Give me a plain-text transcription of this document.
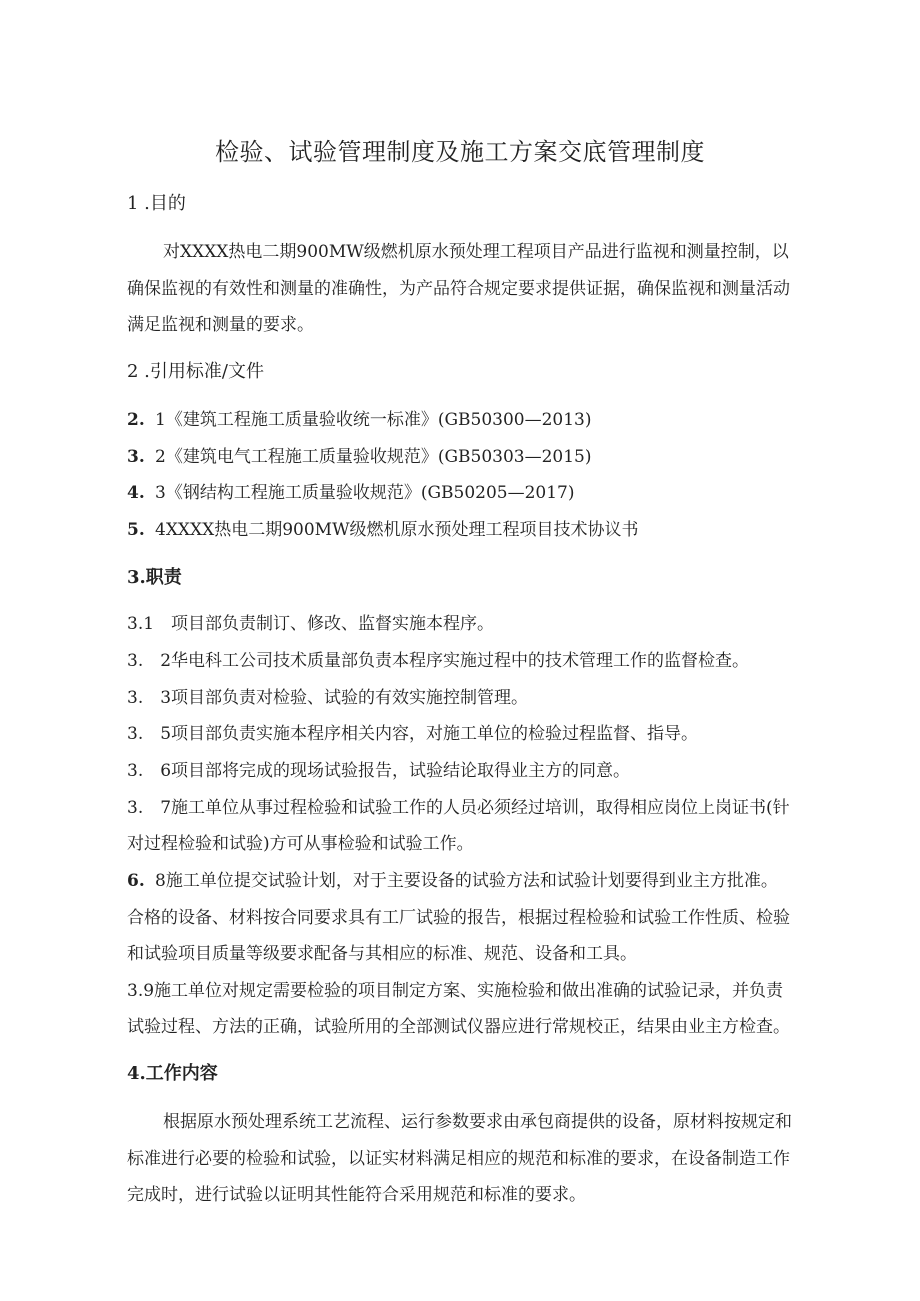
检验、试验管理制度及施工方案交底管理制度
1 .目的
对XXXX热电二期900MW级燃机原水预处理工程项目产品进行监视和测量控制，以
确保监视的有效性和测量的准确性，为产品符合规定要求提供证据，确保监视和测量活动
满足监视和测量的要求。
2 .引用标准/文件
2. 1《建筑工程施工质量验收统一标准》(GB50300—2013)
3. 2《建筑电气工程施工质量验收规范》(GB50303—2015)
4. 3《钢结构工程施工质量验收规范》(GB50205—2017)
5. 4XXXX热电二期900MW级燃机原水预处理工程项目技术协议书
3.职责
3.1　项目部负责制订、修改、监督实施本程序。
3.　2华电科工公司技术质量部负责本程序实施过程中的技术管理工作的监督检查。
3.　3项目部负责对检验、试验的有效实施控制管理。
3.　5项目部负责实施本程序相关内容，对施工单位的检验过程监督、指导。
3.　6项目部将完成的现场试验报告，试验结论取得业主方的同意。
3.　7施工单位从事过程检验和试验工作的人员必须经过培训，取得相应岗位上岗证书(针
对过程检验和试验)方可从事检验和试验工作。
6. 8施工单位提交试验计划，对于主要设备的试验方法和试验计划要得到业主方批准。
合格的设备、材料按合同要求具有工厂试验的报告，根据过程检验和试验工作性质、检验
和试验项目质量等级要求配备与其相应的标准、规范、设备和工具。
3.9施工单位对规定需要检验的项目制定方案、实施检验和做出准确的试验记录，并负责
试验过程、方法的正确，试验所用的全部测试仪器应进行常规校正，结果由业主方检查。
4.工作内容
根据原水预处理系统工艺流程、运行参数要求由承包商提供的设备，原材料按规定和
标准进行必要的检验和试验，以证实材料满足相应的规范和标准的要求，在设备制造工作
完成时，进行试验以证明其性能符合采用规范和标准的要求。
